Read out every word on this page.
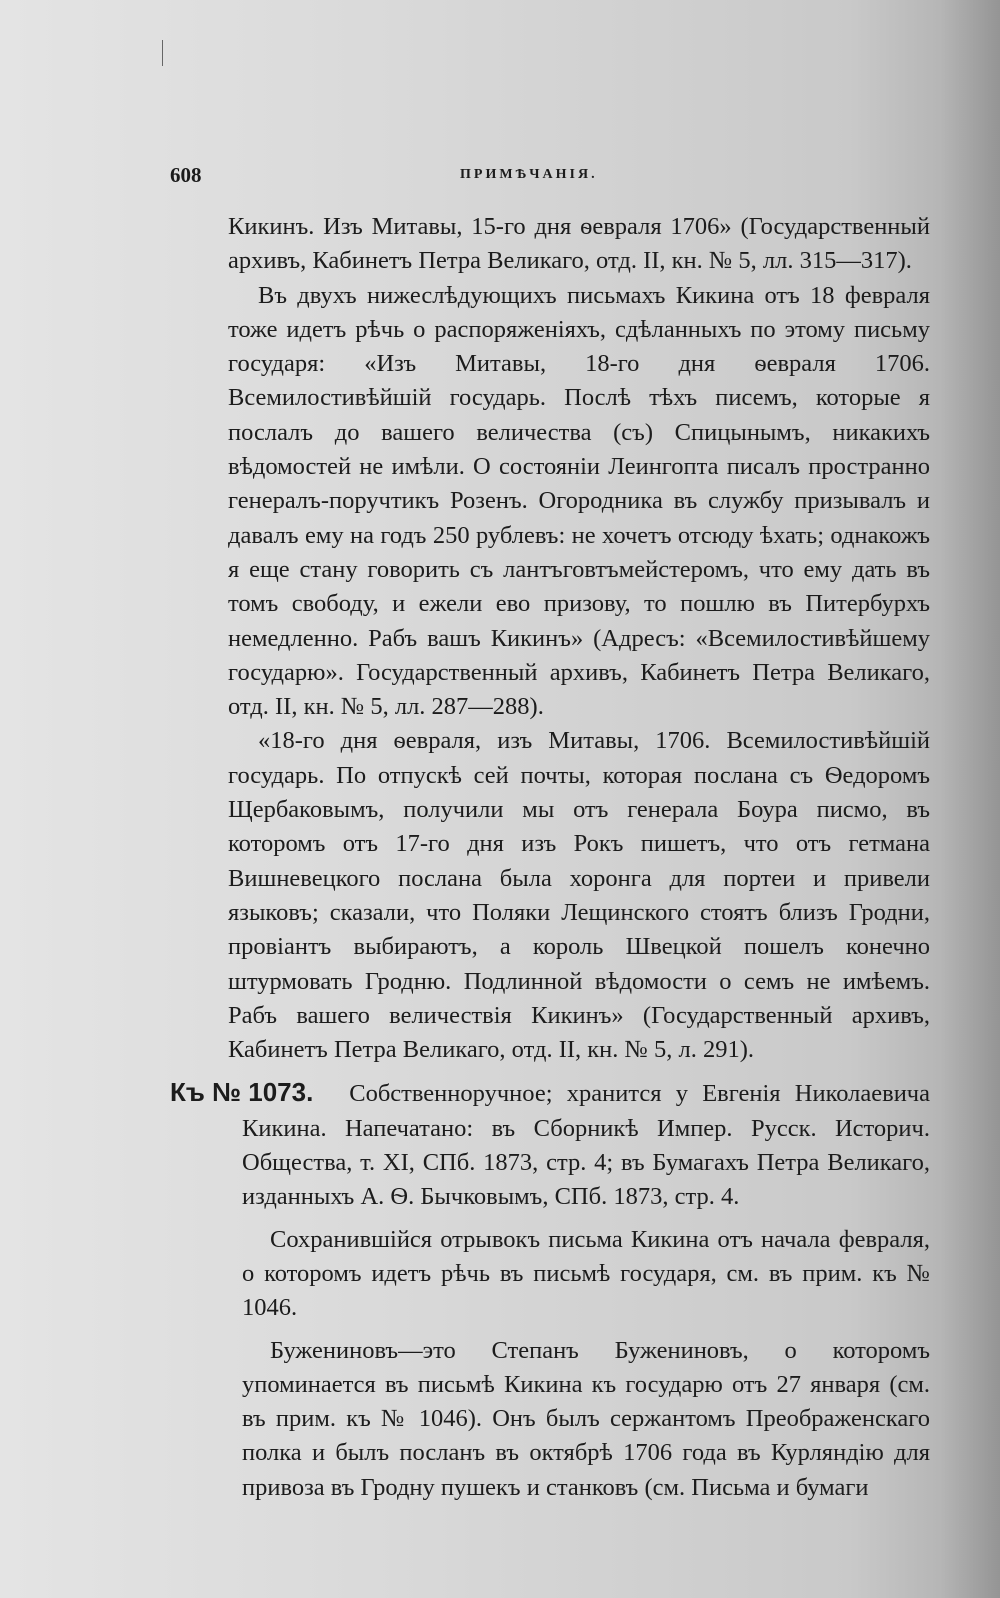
608	ПРИМѢЧАНІЯ.

Кикинъ. Изъ Митавы, 15-го дня ѳевраля 1706» (Государственный архивъ, Кабинетъ Петра Великаго, отд. II, кн. № 5, лл. 315—317).

Въ двухъ нижеслѣдующихъ письмахъ Кикина отъ 18 февраля тоже идетъ рѣчь о распоряженіяхъ, сдѣланныхъ по этому письму государя: «Изъ Митавы, 18-го дня ѳевраля 1706. Всемилостивѣйшій государь. Послѣ тѣхъ писемъ, которые я послалъ до вашего величества (съ) Спицынымъ, никакихъ вѣдомостей не имѣли. О состояніи Леингопта писалъ пространно генералъ-поручтикъ Розенъ. Огородника въ службу призывалъ и давалъ ему на годъ 250 рублевъ: не хочетъ отсюду ѣхать; однакожъ я еще стану говорить съ лантъговтъмейстеромъ, что ему дать въ томъ свободу, и ежели ево призову, то пошлю въ Питербурхъ немедленно. Рабъ вашъ Кикинъ» (Адресъ: «Всемилостивѣйшему государю». Государственный архивъ, Кабинетъ Петра Великаго, отд. II, кн. № 5, лл. 287—288).

«18-го дня ѳевраля, изъ Митавы, 1706. Всемилостивѣйшій государь. По отпускѣ сей почты, которая послана съ Ѳедоромъ Щербаковымъ, получили мы отъ генерала Боура писмо, въ которомъ отъ 17-го дня изъ Рокъ пишетъ, что отъ гетмана Вишневецкого послана была хоронга для портеи и привели языковъ; сказали, что Поляки Лещинского стоятъ близъ Гродни, провіантъ выбираютъ, а король Швецкой пошелъ конечно штурмовать Гродню. Подлинной вѣдомости о семъ не имѣемъ. Рабъ вашего величествія Кикинъ» (Государственный архивъ, Кабинетъ Петра Великаго, отд. II, кн. № 5, л. 291).

Къ № 1073. Собственноручное; хранится у Евгенія Николаевича Кикина. Напечатано: въ Сборникѣ Импер. Русск. Историч. Общества, т. XI, СПб. 1873, стр. 4; въ Бумагахъ Петра Великаго, изданныхъ А. Ѳ. Бычковымъ, СПб. 1873, стр. 4.

Сохранившійся отрывокъ письма Кикина отъ начала февраля, о которомъ идетъ рѣчь въ письмѣ государя, см. въ прим. къ № 1046.

Бужениновъ—это Степанъ Бужениновъ, о которомъ упоминается въ письмѣ Кикина къ государю отъ 27 января (см. въ прим. къ № 1046). Онъ былъ сержантомъ Преображенскаго полка и былъ посланъ въ октябрѣ 1706 года въ Курляндію для привоза въ Гродну пушекъ и станковъ (см. Письма и бумаги
